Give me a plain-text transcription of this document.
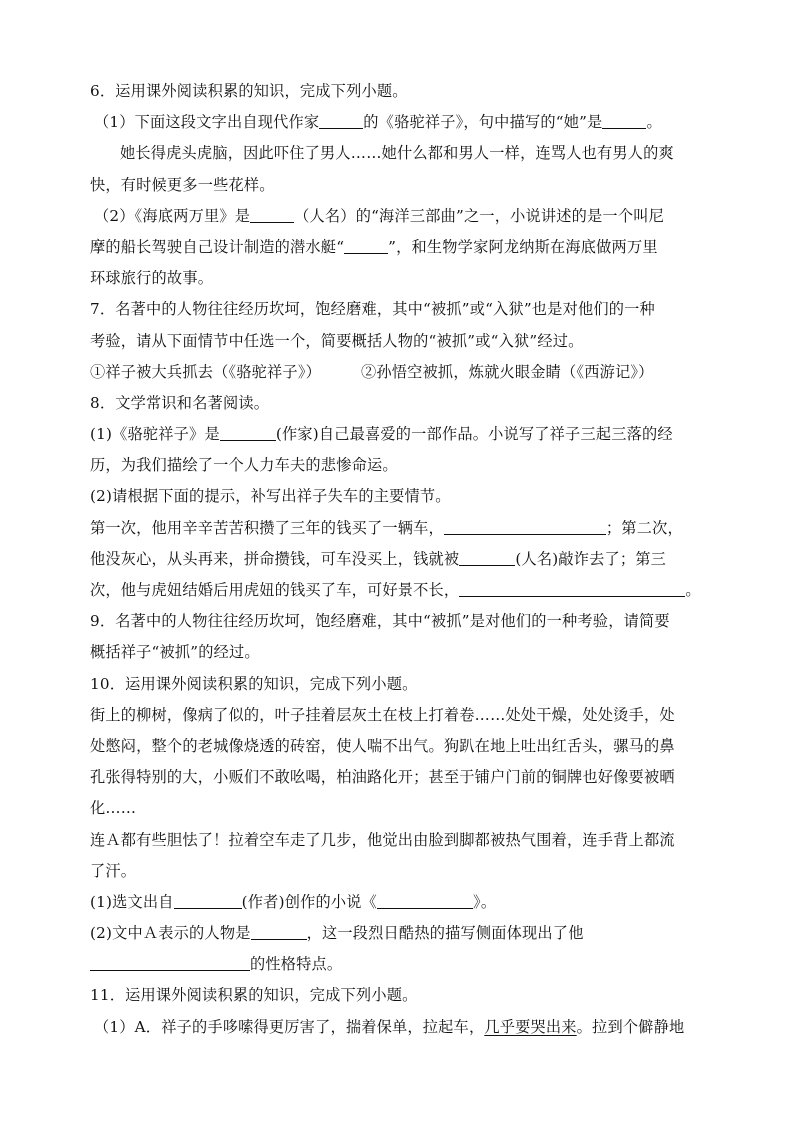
6．运用课外阅读积累的知识，完成下列小题。
（1）下面这段文字出自现代作家	的《骆驼祥子》，句中描写的“她”是	。
她长得虎头虎脑，因此吓住了男人……她什么都和男人一样，连骂人也有男人的爽
快，有时候更多一些花样。
（2）《海底两万里》是	（人名）的“海洋三部曲”之一，小说讲述的是一个叫尼
摩的船长驾驶自己设计制造的潜水艇“	”，和生物学家阿龙纳斯在海底做两万里
环球旅行的故事。
7．名著中的人物往往经历坎坷，饱经磨难，其中“被抓”或“入狱”也是对他们的一种
考验，请从下面情节中任选一个，简要概括人物的“被抓”或“入狱”经过。
①祥子被大兵抓去（《骆驼祥子》）	②孙悟空被抓，炼就火眼金睛（《西游记》）
8．文学常识和名著阅读。
(1)《骆驼祥子》是	(作家)自己最喜爱的一部作品。小说写了祥子三起三落的经
历，为我们描绘了一个人力车夫的悲惨命运。
(2)请根据下面的提示，补写出祥子失车的主要情节。
第一次，他用辛辛苦苦积攒了三年的钱买了一辆车，	；第二次，
他没灰心，从头再来，拼命攒钱，可车没买上，钱就被	(人名)敲诈去了；第三
次，他与虎妞结婚后用虎妞的钱买了车，可好景不长，	。
9．名著中的人物往往经历坎坷，饱经磨难，其中“被抓”是对他们的一种考验，请简要
概括祥子“被抓”的经过。
10．运用课外阅读积累的知识，完成下列小题。
街上的柳树，像病了似的，叶子挂着层灰土在枝上打着卷……处处干燥，处处烫手，处
处憋闷，整个的老城像烧透的砖窑，使人喘不出气。狗趴在地上吐出红舌头，骡马的鼻
孔张得特别的大，小贩们不敢吆喝，柏油路化开；甚至于铺户门前的铜牌也好像要被晒
化……
连Ａ都有些胆怯了！拉着空车走了几步，他觉出由脸到脚都被热气围着，连手背上都流
了汗。
(1)选文出自	(作者)创作的小说《	》。
(2)文中Ａ表示的人物是	，这一段烈日酷热的描写侧面体现出了他
的性格特点。
11．运用课外阅读积累的知识，完成下列小题。
（1）A．祥子的手哆嗦得更厉害了，揣着保单，拉起车，几乎要哭出来。拉到个僻静地
